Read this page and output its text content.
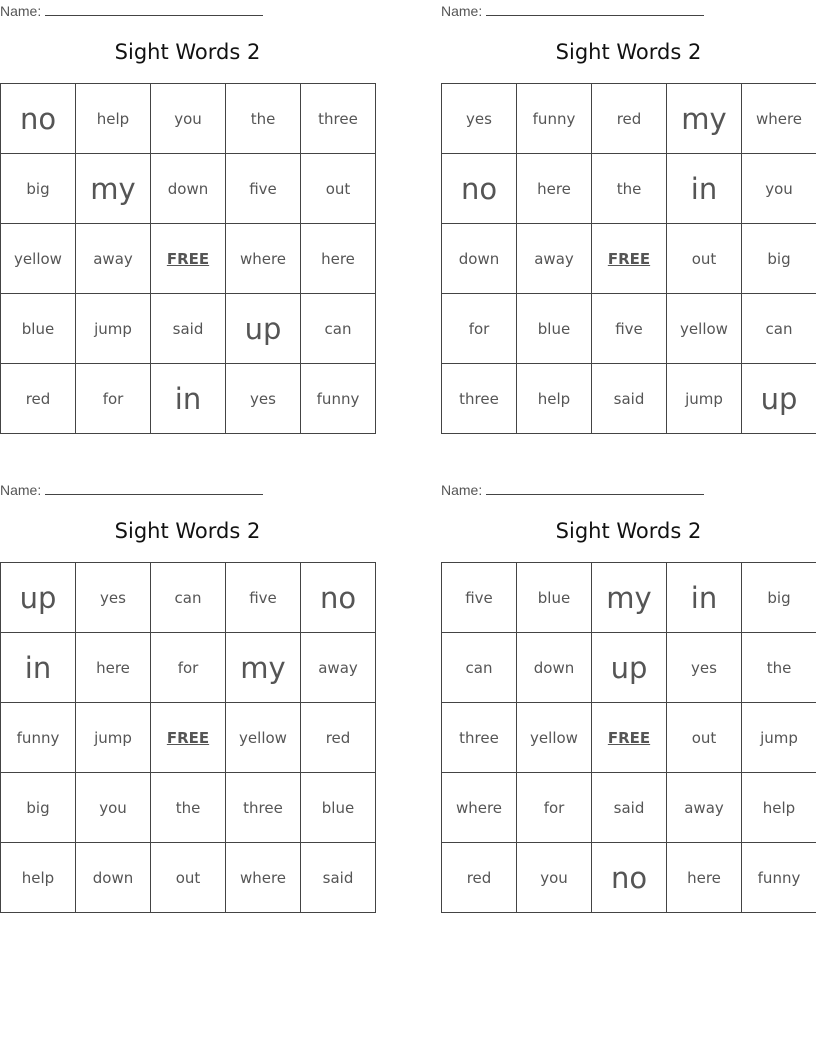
Name:
Sight Words 2
no	help	you	the	three
big	my	down	five	out
yellow	away	FREE	where	here
blue	jump	said	up	can
red	for	in	yes	funny
Name:
Sight Words 2
yes	funny	red	my	where
no	here	the	in	you
down	away	FREE	out	big
for	blue	five	yellow	can
three	help	said	jump	up
Name:
Sight Words 2
up	yes	can	five	no
in	here	for	my	away
funny	jump	FREE	yellow	red
big	you	the	three	blue
help	down	out	where	said
Name:
Sight Words 2
five	blue	my	in	big
can	down	up	yes	the
three	yellow	FREE	out	jump
where	for	said	away	help
red	you	no	here	funny
